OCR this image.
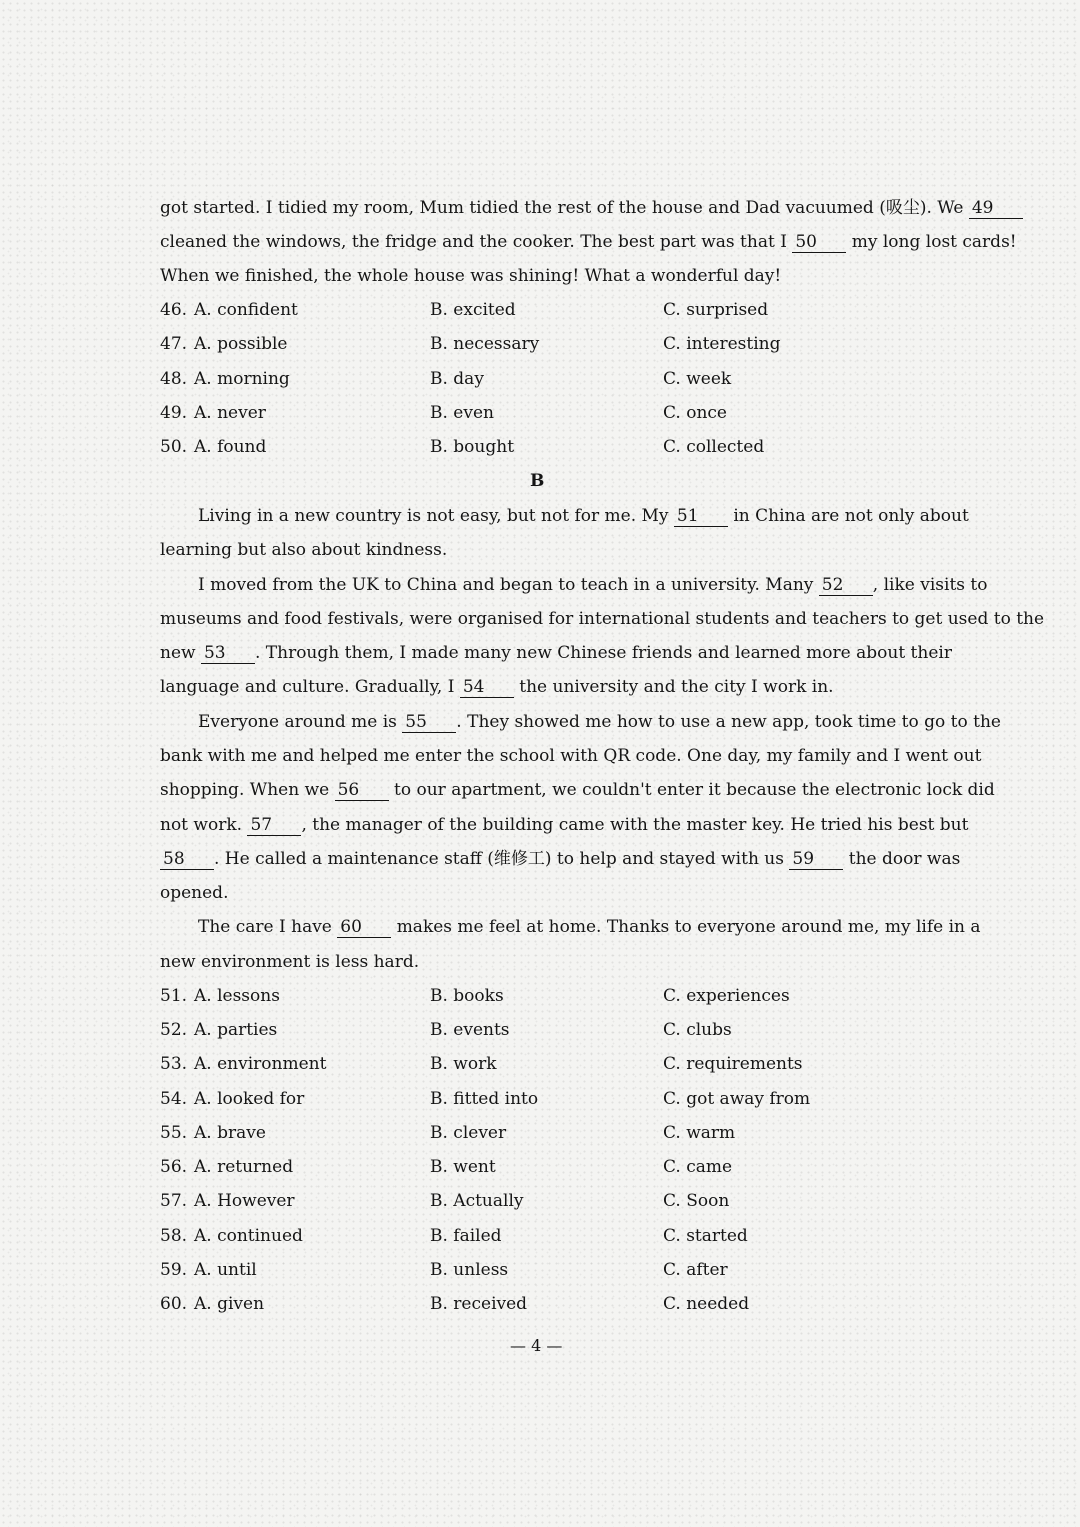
got started. I tidied my room, Mum tidied the rest of the house and Dad vacuumed (吸尘). We 49
cleaned the windows, the fridge and the cooker. The best part was that I 50 my long lost cards!
When we finished, the whole house was shining! What a wonderful day!
46. A. confident	B. excited	C. surprised
47. A. possible	B. necessary	C. interesting
48. A. morning	B. day	C. week
49. A. never	B. even	C. once
50. A. found	B. bought	C. collected
B
Living in a new country is not easy, but not for me. My 51 in China are not only about
learning but also about kindness.
I moved from the UK to China and began to teach in a university. Many 52 , like visits to
museums and food festivals, were organised for international students and teachers to get used to the
new 53 . Through them, I made many new Chinese friends and learned more about their
language and culture. Gradually, I 54 the university and the city I work in.
Everyone around me is 55 . They showed me how to use a new app, took time to go to the
bank with me and helped me enter the school with QR code. One day, my family and I went out
shopping. When we 56 to our apartment, we couldn't enter it because the electronic lock did
not work. 57 , the manager of the building came with the master key. He tried his best but
58 . He called a maintenance staff (维修工) to help and stayed with us 59 the door was
opened.
The care I have 60 makes me feel at home. Thanks to everyone around me, my life in a
new environment is less hard.
51. A. lessons	B. books	C. experiences
52. A. parties	B. events	C. clubs
53. A. environment	B. work	C. requirements
54. A. looked for	B. fitted into	C. got away from
55. A. brave	B. clever	C. warm
56. A. returned	B. went	C. came
57. A. However	B. Actually	C. Soon
58. A. continued	B. failed	C. started
59. A. until	B. unless	C. after
60. A. given	B. received	C. needed
— 4 —
